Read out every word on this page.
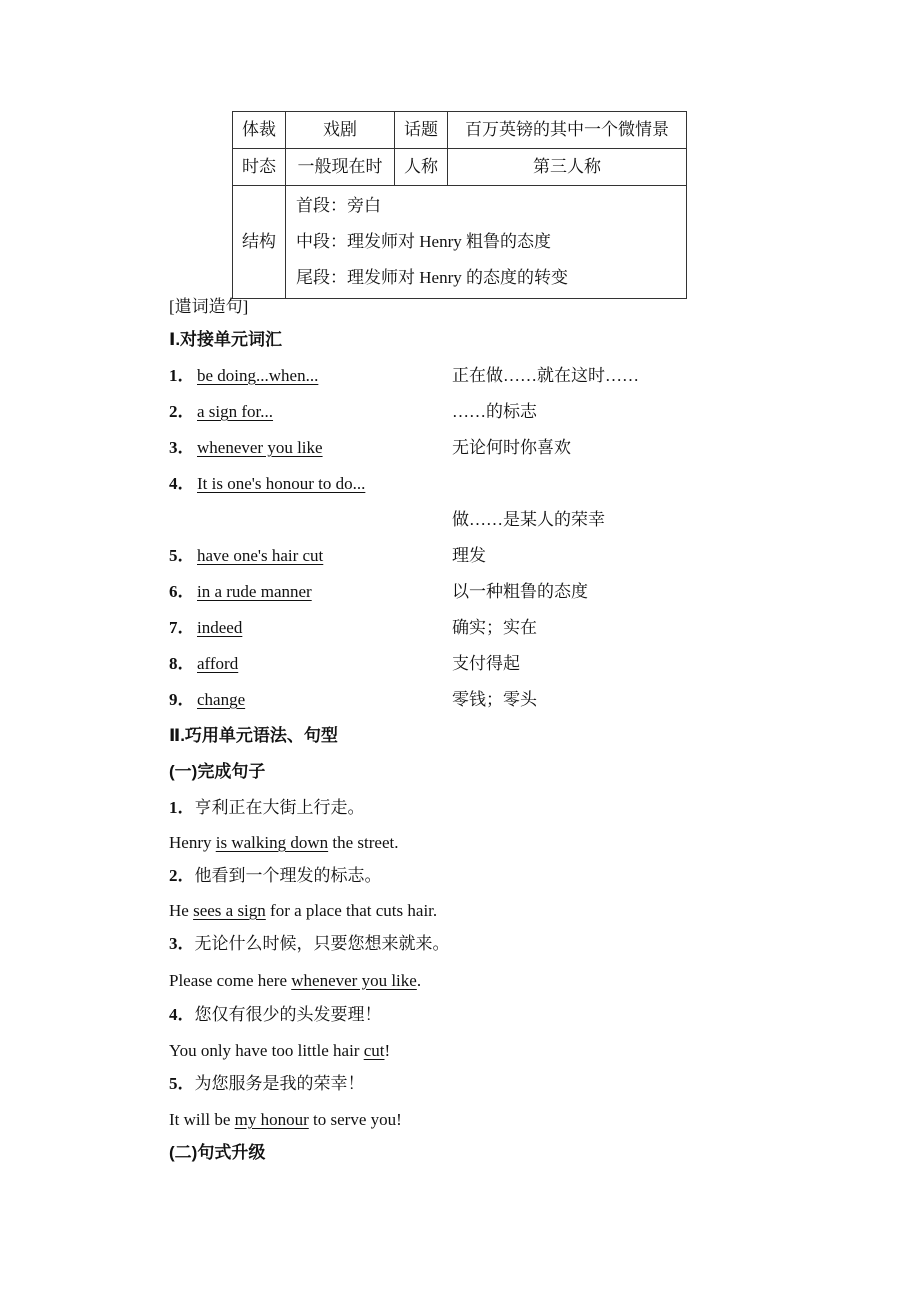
体裁	戏剧	话题	百万英镑的其中一个微情景
时态	一般现在时	人称	第三人称
结构	首段：旁白
中段：理发师对 Henry 粗鲁的态度
尾段：理发师对 Henry 的态度的转变		
[遣词造句]
Ⅰ.对接单元词汇
1． be doing...when...	正在做……就在这时……
2． a sign for...	……的标志
3． whenever you like	无论何时你喜欢
4． It is one's honour to do...
做……是某人的荣幸
5． have one's hair cut	理发
6． in a rude manner	以一种粗鲁的态度
7． indeed	确实；实在
8． afford	支付得起
9． change	零钱；零头
Ⅱ.巧用单元语法、句型
(一)完成句子
1．亨利正在大街上行走。
Henry is walking down the street.
2．他看到一个理发的标志。
He sees a sign for a place that cuts hair.
3．无论什么时候，只要您想来就来。
Please come here whenever you like.
4．您仅有很少的头发要理！
You only have too little hair cut!
5．为您服务是我的荣幸！
It will be my honour to serve you!
(二)句式升级
